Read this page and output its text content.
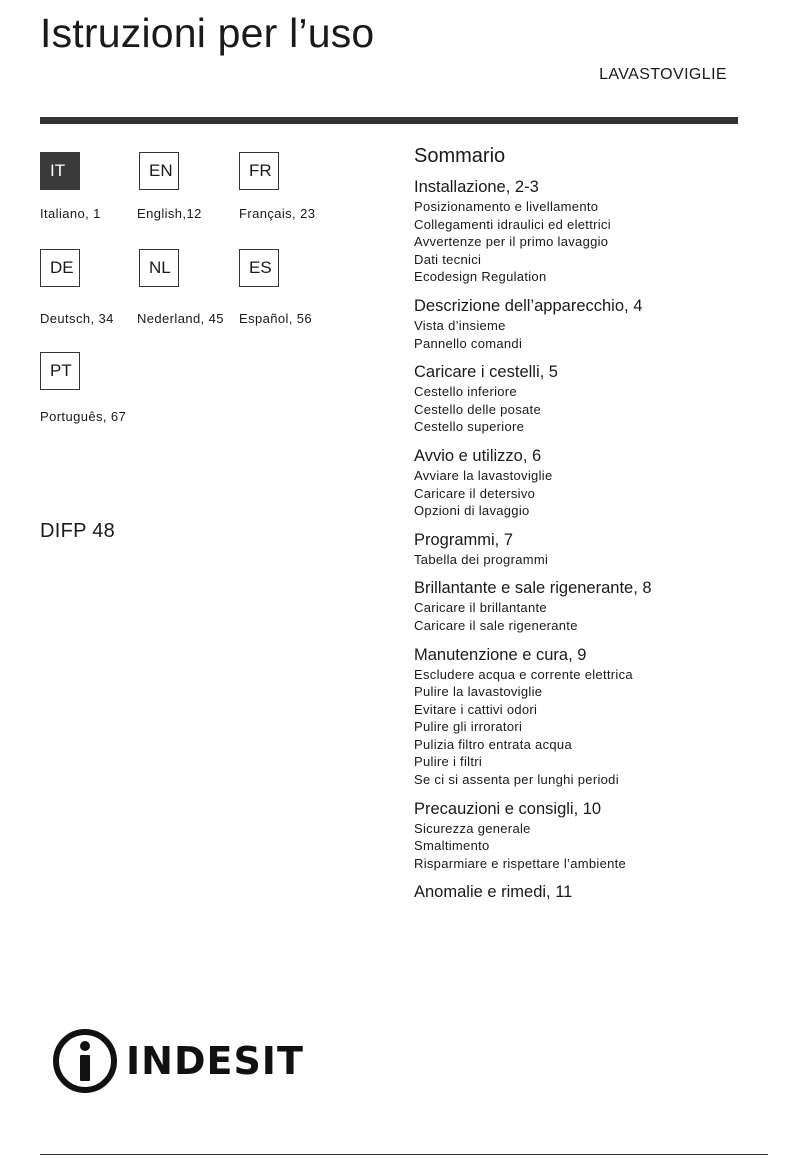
Istruzioni per l’uso
LAVASTOVIGLIE
IT
Italiano, 1
EN
English,12
FR
Français, 23
DE
Deutsch, 34
NL
Nederland, 45
ES
Español, 56
PT
Português, 67
DIFP 48
Sommario
Installazione, 2-3
Posizionamento e livellamento
Collegamenti idraulici ed elettrici
Avvertenze per il primo lavaggio
Dati tecnici
Ecodesign Regulation
Descrizione dell’apparecchio, 4
Vista d’insieme
Pannello comandi
Caricare i cestelli, 5
Cestello inferiore
Cestello delle posate
Cestello superiore
Avvio e utilizzo, 6
Avviare la lavastoviglie
Caricare il detersivo
Opzioni di lavaggio
Programmi, 7
Tabella dei programmi
Brillantante e sale rigenerante, 8
Caricare il brillantante
Caricare il sale rigenerante
Manutenzione e cura, 9
Escludere acqua e corrente elettrica
Pulire la lavastoviglie
Evitare i cattivi odori
Pulire gli irroratori
Pulizia filtro entrata acqua
Pulire i filtri
Se ci si assenta per lunghi periodi
Precauzioni e consigli, 10
Sicurezza generale
Smaltimento
Risparmiare e rispettare l’ambiente
Anomalie e rimedi, 11
INDESIT
